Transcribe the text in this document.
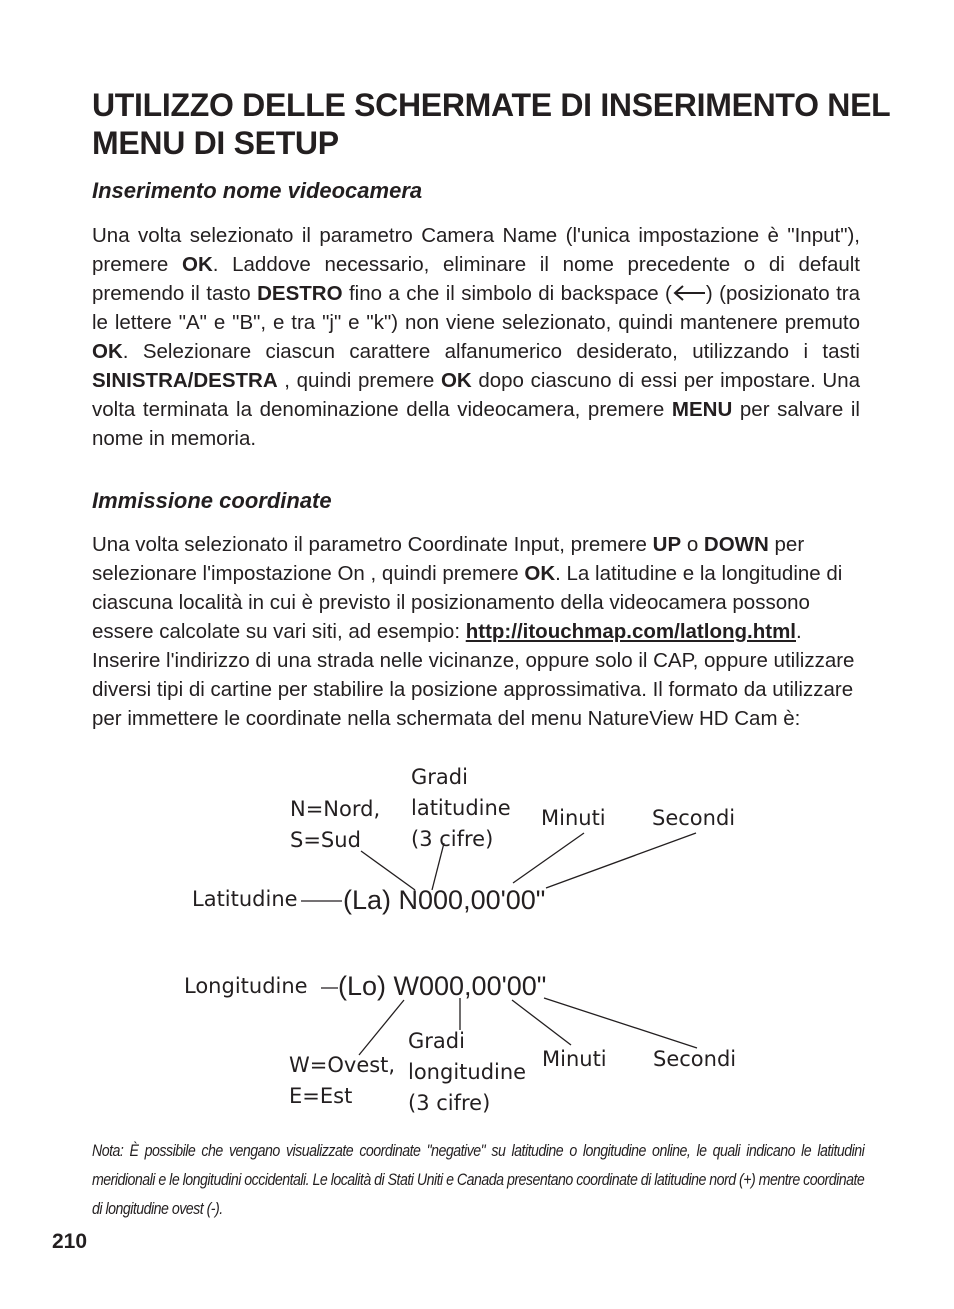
UTILIZZO DELLE SCHERMATE DI INSERIMENTO NEL MENU DI SETUP
Inserimento nome videocamera

Una volta selezionato il parametro Camera Name (l'unica impostazione è "Input"), premere OK. Laddove necessario, eliminare il nome precedente o di default premendo il tasto DESTRO fino a che il simbolo di backspace ( ) (posizionato tra le lettere "A" e "B", e tra "j" e "k") non viene selezionato, quindi mantenere premuto OK. Selezionare ciascun carattere alfanumerico desiderato, utilizzando i tasti SINISTRA/DESTRA , quindi premere OK dopo ciascuno di essi per impostare. Una volta terminata la denominazione della videocamera, premere MENU per salvare il nome in memoria.

Immissione coordinate

Una volta selezionato il parametro Coordinate Input, premere UP o DOWN per selezionare l'impostazione On , quindi premere OK. La latitudine e la longitudine di ciascuna località in cui è previsto il posizionamento della videocamera possono essere calcolate su vari siti, ad esempio: http://itouchmap.com/latlong.html. Inserire l'indirizzo di una strada nelle vicinanze, oppure solo il CAP, oppure utilizzare diversi tipi di cartine per stabilire la posizione approssimativa. Il formato da utilizzare per immettere le coordinate nella schermata del menu NatureView HD Cam è:

N=Nord,
S=Sud
Gradi
latitudine
(3 cifre)
Minuti Secondi
Latitudine (La) N000,00'00"
Longitudine (Lo) W000,00'00"
W=Ovest,
E=Est
Gradi
longitudine
(3 cifre)
Minuti Secondi

Nota: È possibile che vengano visualizzate coordinate "negative" su latitudine o longitudine online, le quali indicano le latitudini meridionali e le longitudini occidentali. Le località di Stati Uniti e Canada presentano coordinate di latitudine nord (+) mentre coordinate di longitudine ovest (-).

210
